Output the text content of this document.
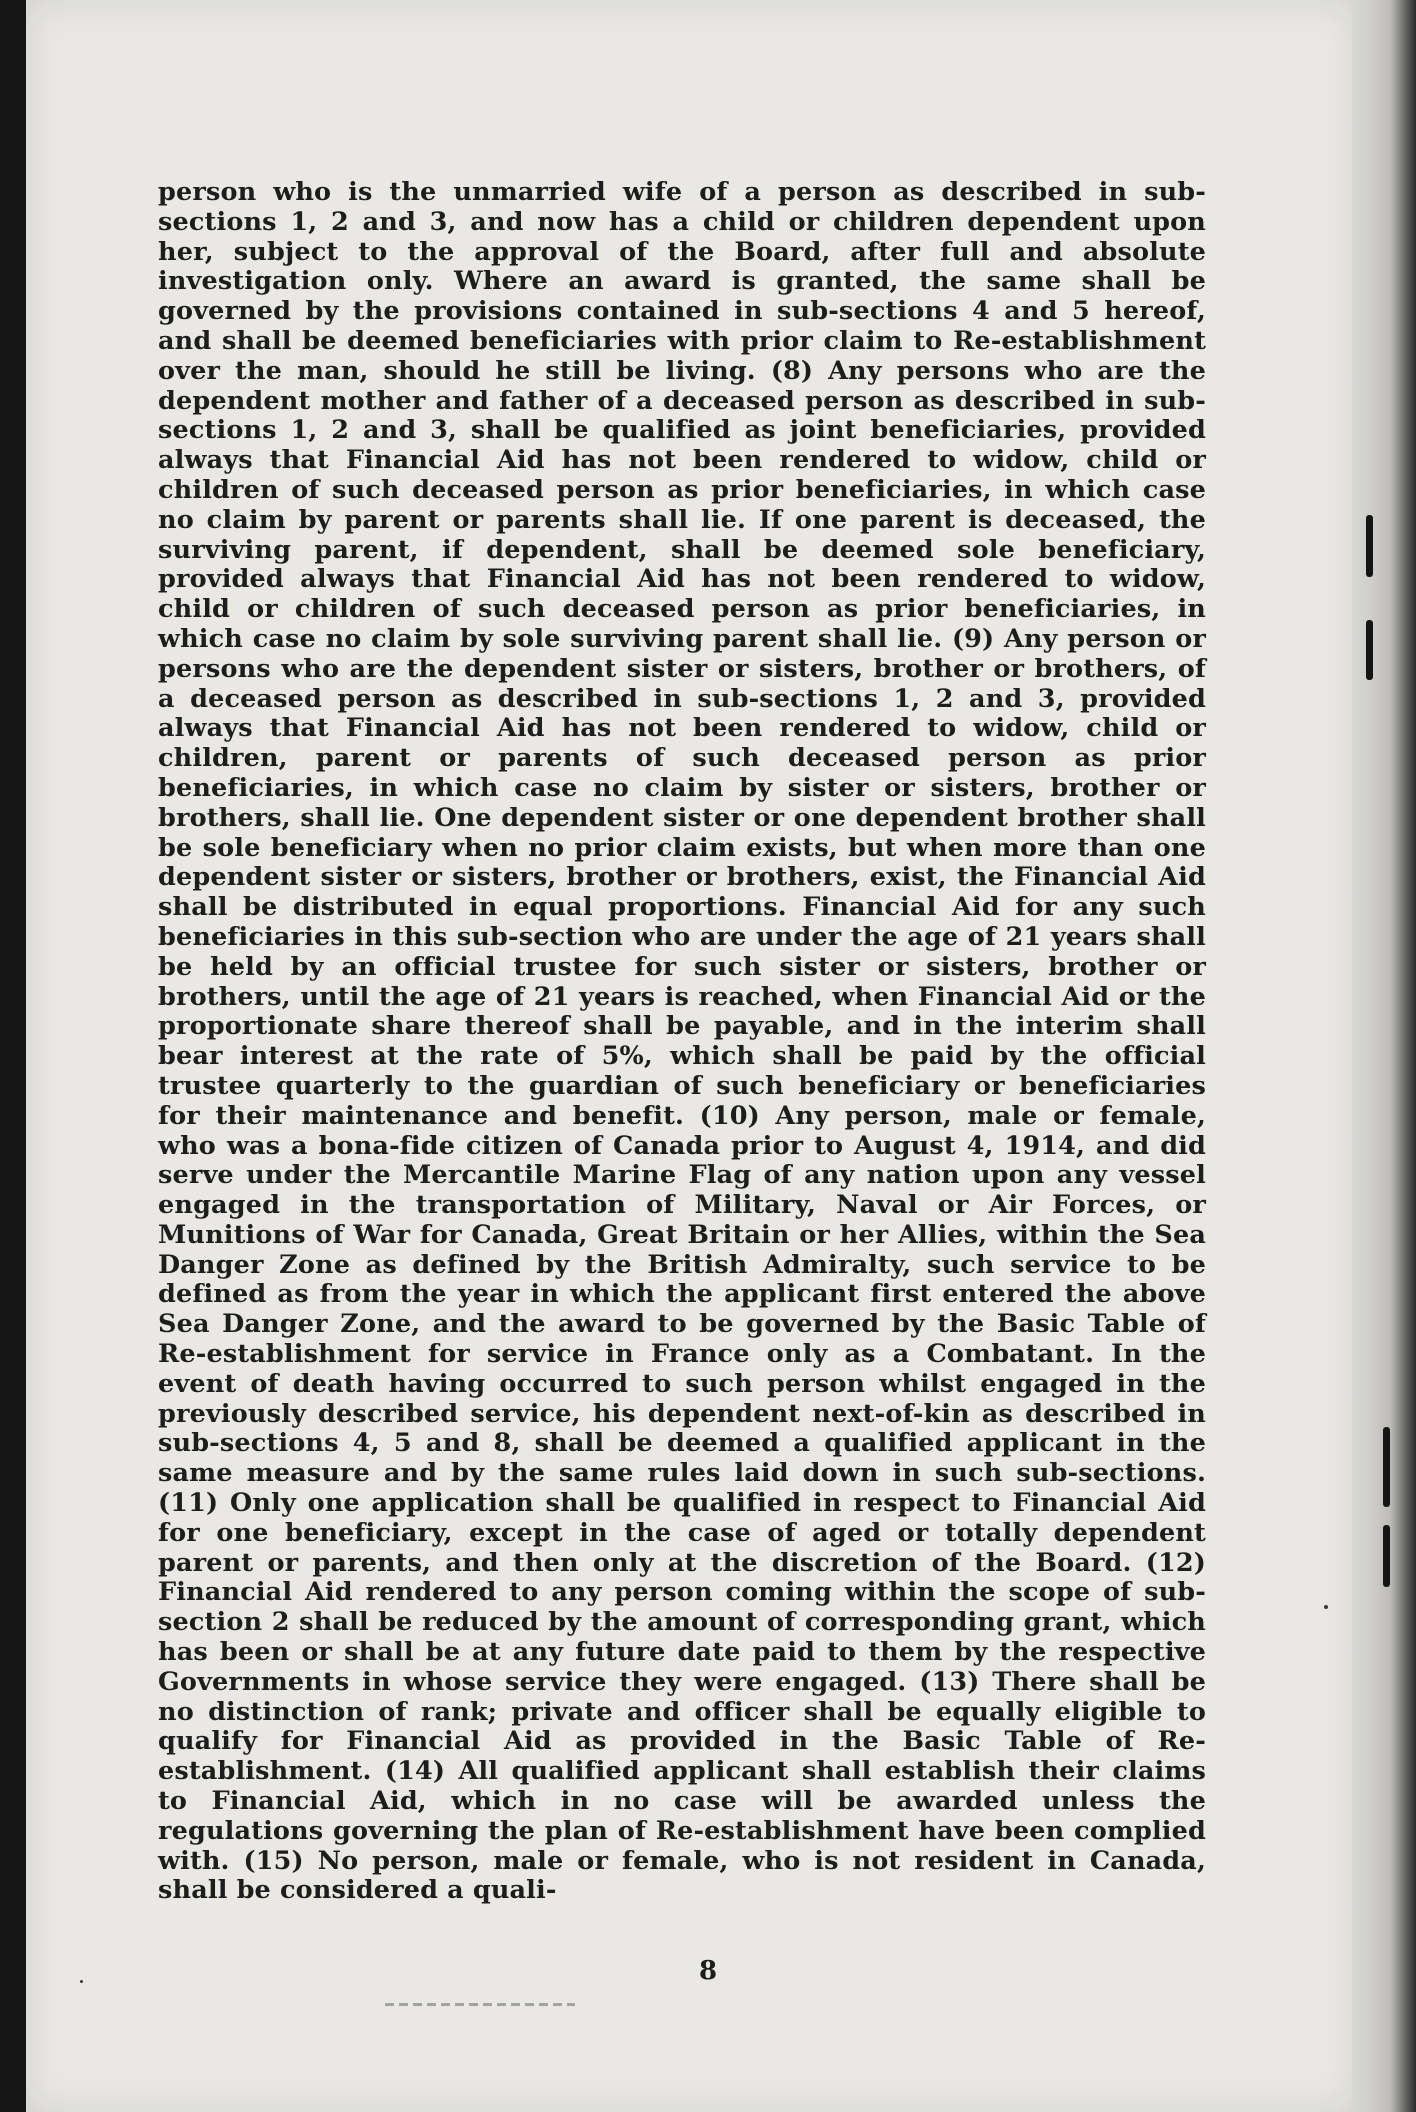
person who is the unmarried wife of a person as described in sub-sections 1, 2 and 3, and now has a child or children dependent upon her, subject to the approval of the Board, after full and absolute investigation only. Where an award is granted, the same shall be governed by the provisions contained in sub-sections 4 and 5 hereof, and shall be deemed beneficiaries with prior claim to Re-establishment over the man, should he still be living. (8) Any persons who are the dependent mother and father of a deceased person as described in sub-sections 1, 2 and 3, shall be qualified as joint beneficiaries, provided always that Financial Aid has not been rendered to widow, child or children of such deceased person as prior beneficiaries, in which case no claim by parent or parents shall lie. If one parent is deceased, the surviving parent, if dependent, shall be deemed sole beneficiary, provided always that Financial Aid has not been rendered to widow, child or children of such deceased person as prior beneficiaries, in which case no claim by sole surviving parent shall lie. (9) Any person or persons who are the dependent sister or sisters, brother or brothers, of a deceased person as described in sub-sections 1, 2 and 3, provided always that Financial Aid has not been rendered to widow, child or children, parent or parents of such deceased person as prior beneficiaries, in which case no claim by sister or sisters, brother or brothers, shall lie. One dependent sister or one dependent brother shall be sole beneficiary when no prior claim exists, but when more than one dependent sister or sisters, brother or brothers, exist, the Financial Aid shall be distributed in equal proportions. Financial Aid for any such beneficiaries in this sub-section who are under the age of 21 years shall be held by an official trustee for such sister or sisters, brother or brothers, until the age of 21 years is reached, when Financial Aid or the proportionate share thereof shall be payable, and in the interim shall bear interest at the rate of 5%, which shall be paid by the official trustee quarterly to the guardian of such beneficiary or beneficiaries for their maintenance and benefit. (10) Any person, male or female, who was a bona-fide citizen of Canada prior to August 4, 1914, and did serve under the Mercantile Marine Flag of any nation upon any vessel engaged in the transportation of Military, Naval or Air Forces, or Munitions of War for Canada, Great Britain or her Allies, within the Sea Danger Zone as defined by the British Admiralty, such service to be defined as from the year in which the applicant first entered the above Sea Danger Zone, and the award to be governed by the Basic Table of Re-establishment for service in France only as a Combatant. In the event of death having occurred to such person whilst engaged in the previously described service, his dependent next-of-kin as described in sub-sections 4, 5 and 8, shall be deemed a qualified applicant in the same measure and by the same rules laid down in such sub-sections. (11) Only one application shall be qualified in respect to Financial Aid for one beneficiary, except in the case of aged or totally dependent parent or parents, and then only at the discretion of the Board. (12) Financial Aid rendered to any person coming within the scope of sub-section 2 shall be reduced by the amount of corresponding grant, which has been or shall be at any future date paid to them by the respective Governments in whose service they were engaged. (13) There shall be no distinction of rank; private and officer shall be equally eligible to qualify for Financial Aid as provided in the Basic Table of Re-establishment. (14) All qualified applicant shall establish their claims to Financial Aid, which in no case will be awarded unless the regulations governing the plan of Re-establishment have been complied with. (15) No person, male or female, who is not resident in Canada, shall be considered a quali-

8
